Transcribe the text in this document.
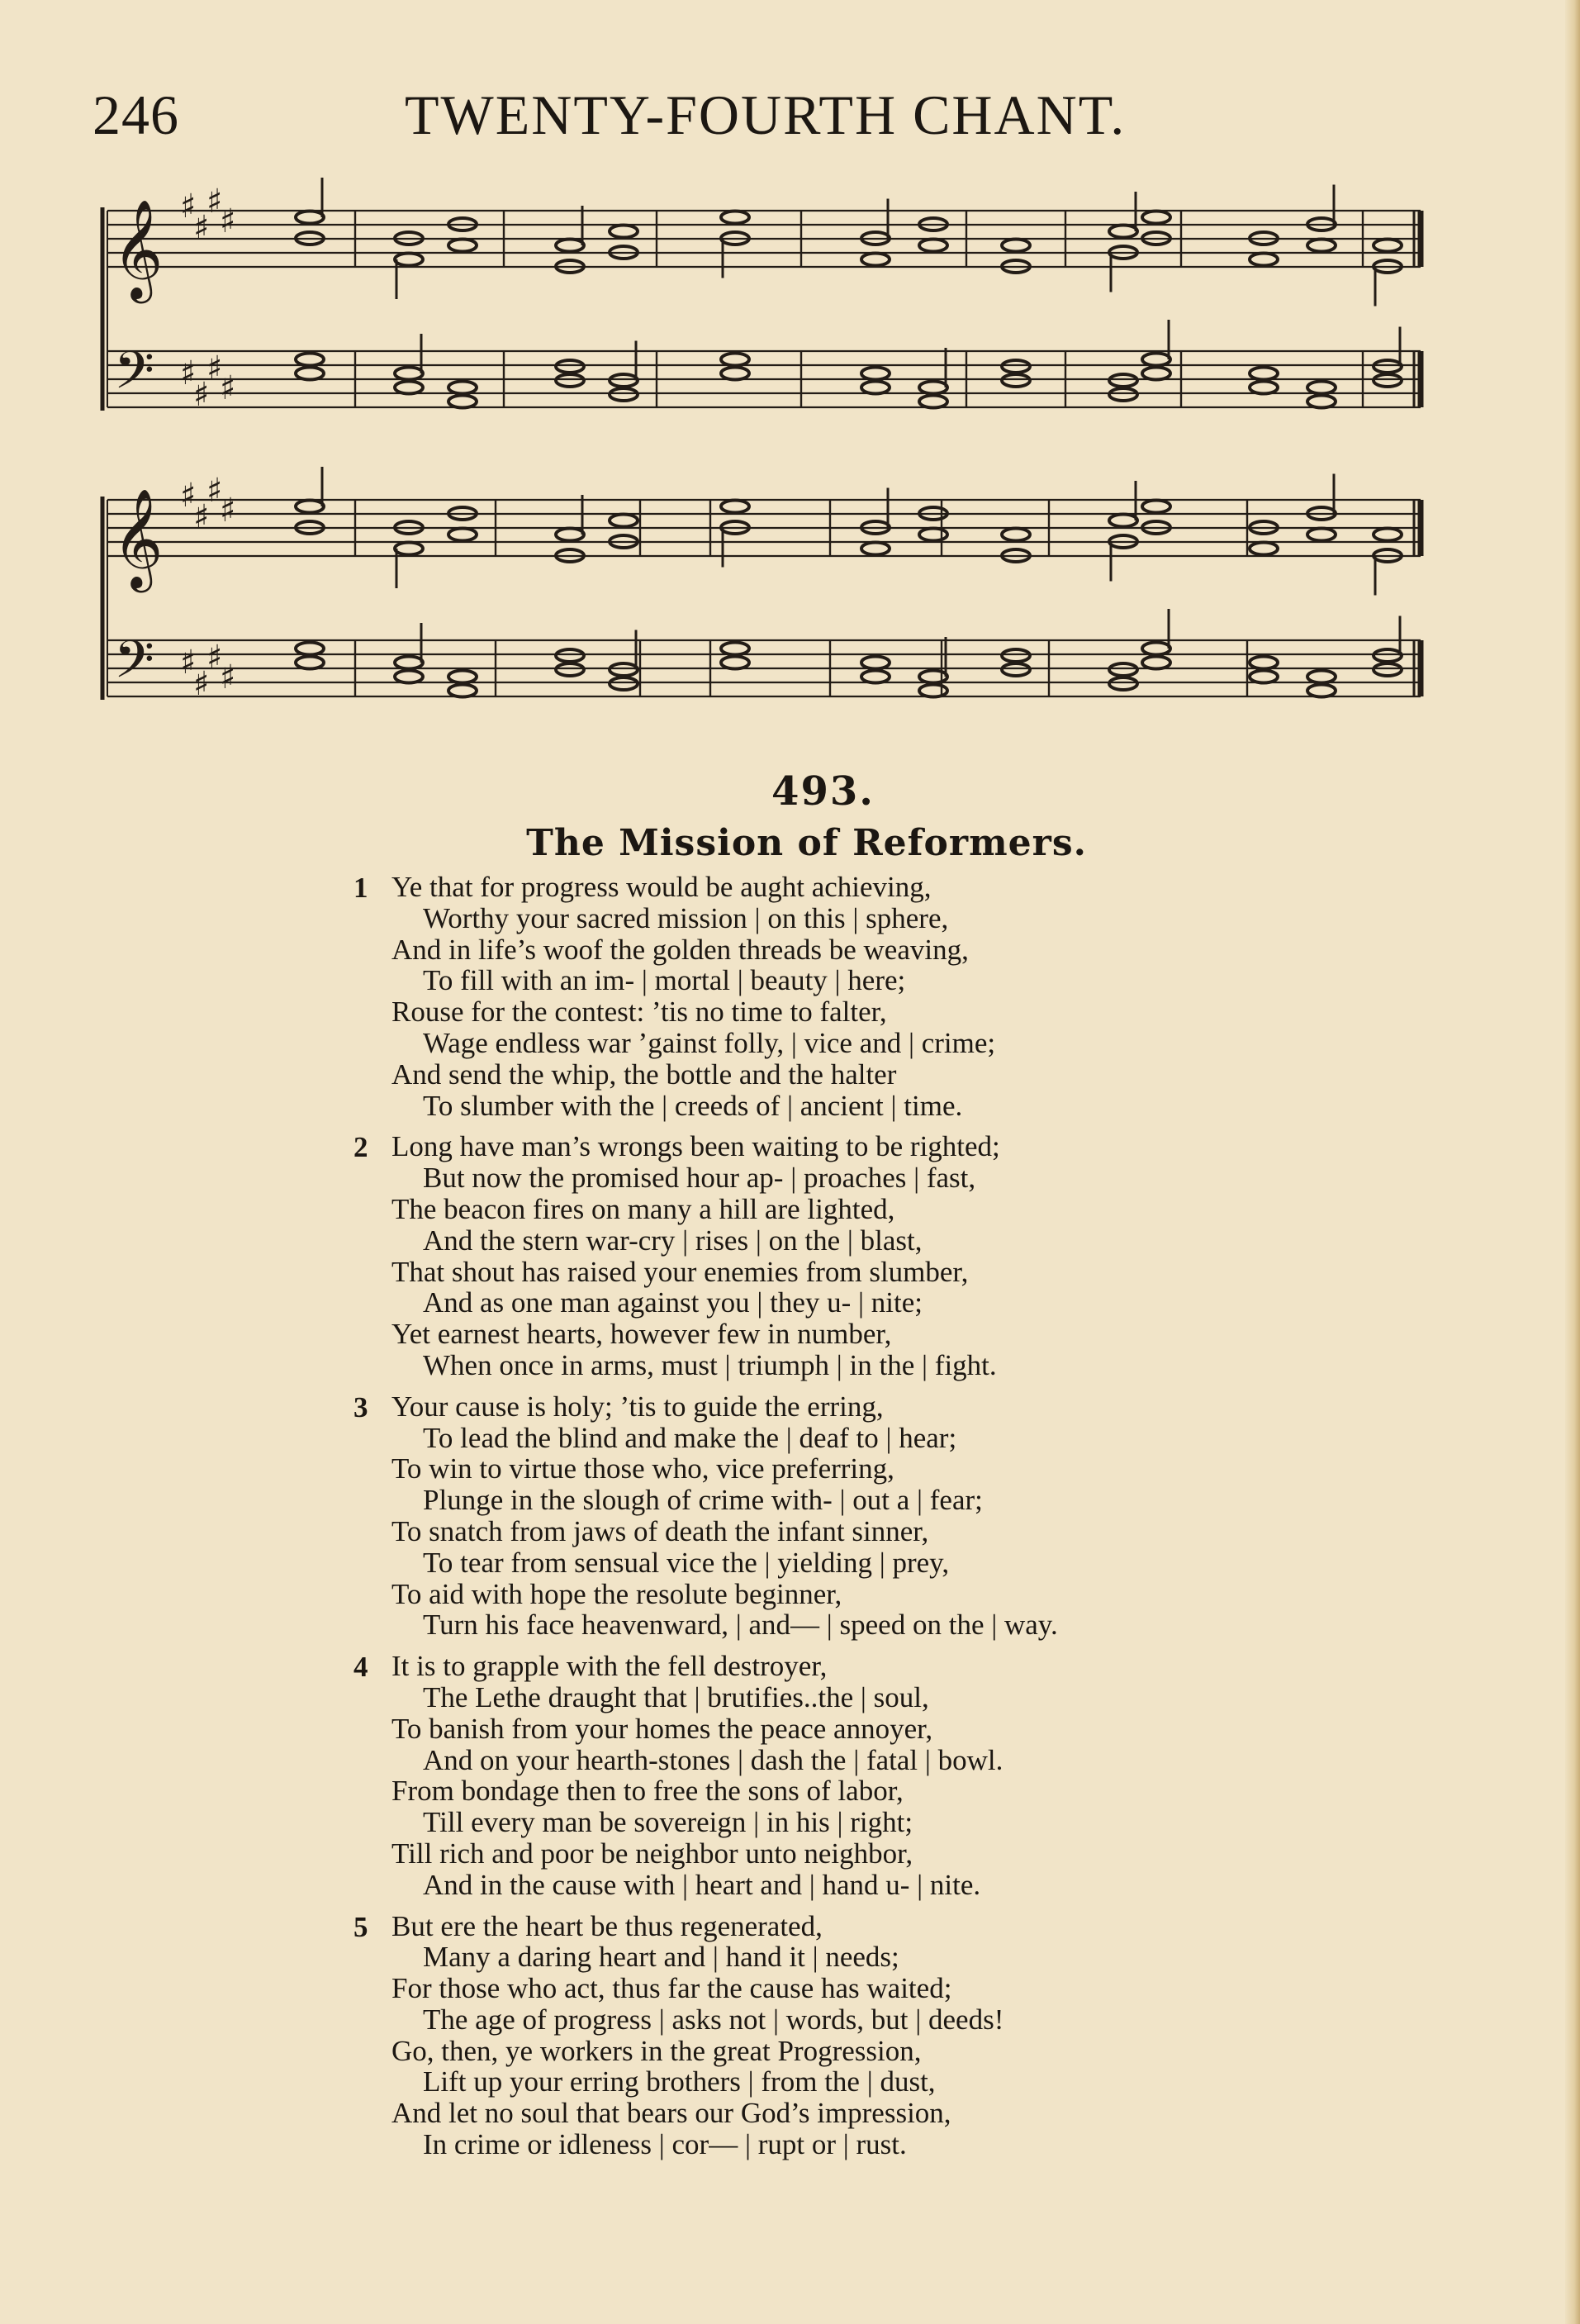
246	TWENTY-FOURTH CHANT.
𝄞
𝄢
♯
♯
♯
♯
♯
♯
♯
♯
𝄞
𝄢
♯
♯
♯
♯
♯
♯
♯
♯
493.
The Mission of Reformers.
1 Ye that for progress would be aught achieving,
Worthy your sacred mission | on this | sphere,
And in life’s woof the golden threads be weaving,
To fill with an im- | mortal | beauty | here;
Rouse for the contest: ’tis no time to falter,
Wage endless war ’gainst folly, | vice and | crime;
And send the whip, the bottle and the halter
To slumber with the | creeds of | ancient | time.
2 Long have man’s wrongs been waiting to be righted;
But now the promised hour ap- | proaches | fast,
The beacon fires on many a hill are lighted,
And the stern war-cry | rises | on the | blast,
That shout has raised your enemies from slumber,
And as one man against you | they u- | nite;
Yet earnest hearts, however few in number,
When once in arms, must | triumph | in the | fight.
3 Your cause is holy; ’tis to guide the erring,
To lead the blind and make the | deaf to | hear;
To win to virtue those who, vice preferring,
Plunge in the slough of crime with- | out a | fear;
To snatch from jaws of death the infant sinner,
To tear from sensual vice the | yielding | prey,
To aid with hope the resolute beginner,
Turn his face heavenward, | and— | speed on the | way.
4 It is to grapple with the fell destroyer,
The Lethe draught that | brutifies..the | soul,
To banish from your homes the peace annoyer,
And on your hearth-stones | dash the | fatal | bowl.
From bondage then to free the sons of labor,
Till every man be sovereign | in his | right;
Till rich and poor be neighbor unto neighbor,
And in the cause with | heart and | hand u- | nite.
5 But ere the heart be thus regenerated,
Many a daring heart and | hand it | needs;
For those who act, thus far the cause has waited;
The age of progress | asks not | words, but | deeds!
Go, then, ye workers in the great Progression,
Lift up your erring brothers | from the | dust,
And let no soul that bears our God’s impression,
In crime or idleness | cor— | rupt or | rust.
